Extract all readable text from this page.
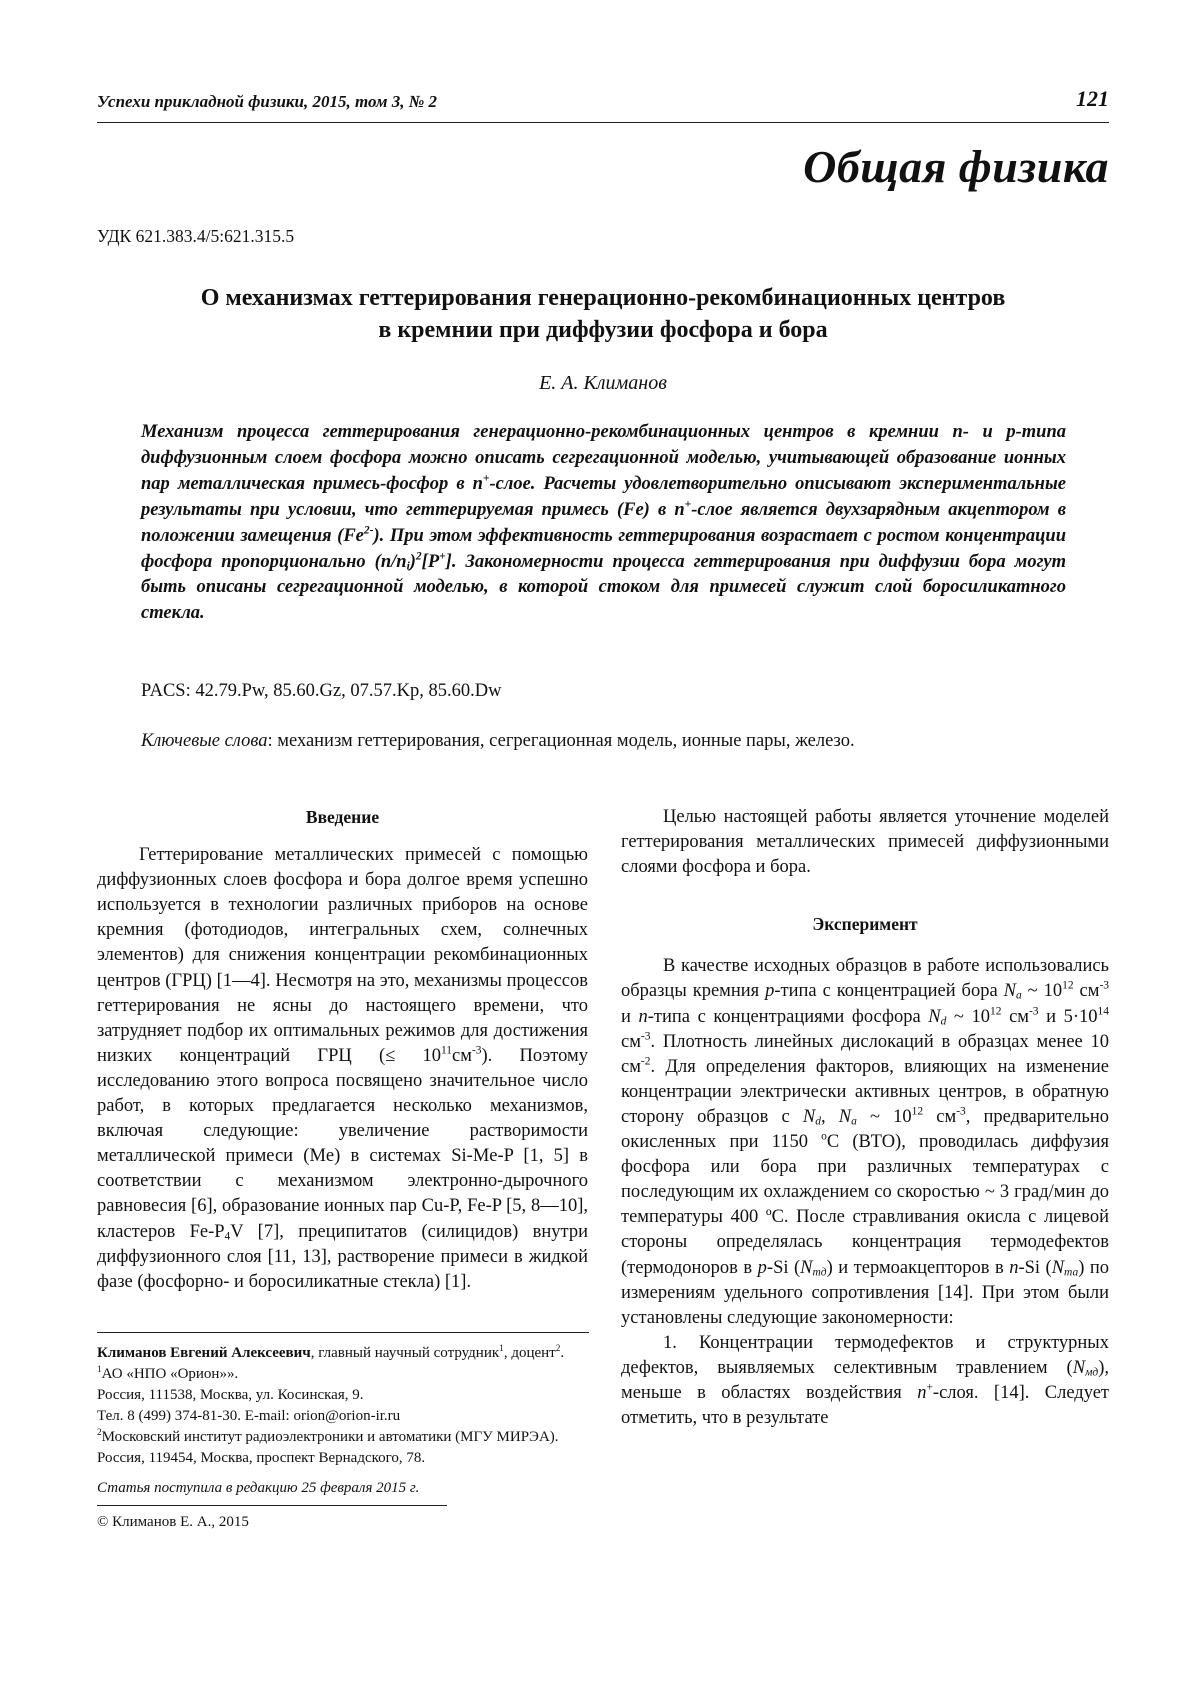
Успехи прикладной физики, 2015, том 3, № 2	121
Общая физика
УДК 621.383.4/5:621.315.5
О механизмах геттерирования генерационно-рекомбинационных центров
в кремнии при диффузии фосфора и бора
Е. А. Климанов
Механизм процесса геттерирования генерационно-рекомбинационных центров в кремнии n- и p-типа диффузионным слоем фосфора можно описать сегрегационной моделью, учитывающей образование ионных пар металлическая примесь-фосфор в n+-слое. Расчеты удовлетворительно описывают экспериментальные результаты при условии, что геттерируемая примесь (Fe) в n+-слое является двухзарядным акцептором в положении замещения $(Fe^{2-})$. При этом эффективность геттерирования возрастает с ростом концентрации фосфора пропорционально $(n/n_i)^2[P^+]$. Закономерности процесса геттерирования при диффузии бора могут быть описаны сегрегационной моделью, в которой стоком для примесей служит слой боросиликатного стекла.
PACS: 42.79.Pw, 85.60.Gz, 07.57.Kp, 85.60.Dw
Ключевые слова: механизм геттерирования, сегрегационная модель, ионные пары, железо.

Введение

Геттерирование металлических примесей с помощью диффузионных слоев фосфора и бора долгое время успешно используется в технологии различных приборов на основе кремния (фотодиодов, интегральных схем, солнечных элементов) для снижения концентрации рекомбинационных центров (ГРЦ) [1—4]. Несмотря на это, механизмы процессов геттерирования не ясны до настоящего времени, что затрудняет подбор их оптимальных режимов для достижения низких концентраций ГРЦ (≤ $10^{11}см^{-3}$). Поэтому исследованию этого вопроса посвящено значительное число работ, в которых предлагается несколько механизмов, включая следующие: увеличение растворимости металлической примеси (Me) в системах Si-Me-P [1, 5] в соответствии с механизмом электронно-дырочного равновесия [6], образование ионных пар Cu-P, Fe-P [5, 8—10], кластеров $Fe-P_4V$ [7], преципитатов (силицидов) внутри диффузионного слоя [11, 13], растворение примеси в жидкой фазе (фосфорно- и боросиликатные стекла) [1].

Целью настоящей работы является уточнение моделей геттерирования металлических примесей диффузионными слоями фосфора и бора.

Эксперимент

В качестве исходных образцов в работе использовались образцы кремния p-типа с концентрацией бора $N_a$ ~ $10^{12}$ $см^{-3}$ и n-типа с концентрациями фосфора $N_d$ ~ $10^{12}$ $см^{-3}$ и $5\cdot 10^{14}$ $см^{-3}$. Плотность линейных дислокаций в образцах менее 10 $см^{-2}$. Для определения факторов, влияющих на изменение концентрации электрически активных центров, в обратную сторону образцов с $N_d$, $N_a$ ~ $10^{12}$ $см^{-3}$, предварительно окисленных при 1150 $^o$С (ВТО), проводилась диффузия фосфора или бора при различных температурах с последующим их охлаждением со скоростью ~ 3 град/мин до температуры 400 ºC. После стравливания окисла с лицевой стороны определялась концентрация термодефектов (термодоноров в p-Si $(N_{тд})$ и термоакцепторов в n-Si $(N_{та})$ по измерениям удельного сопротивления [14]. При этом были установлены следующие закономерности:

1. Концентрации термодефектов и структурных дефектов, выявляемых селективным травлением $(N_{мд})$, меньше в областях воздействия n+-слоя. [14]. Следует отметить, что в результате

Климанов Евгений Алексеевич, главный научный сотрудник$^1$, доцент$^2$.

$^1$АО «НПО «Орион»».

Россия, 111538, Москва, ул. Косинская, 9.

Тел. 8 (499) 374-81-30. E-mail: orion@orion-ir.ru

$^2$Московский институт радиоэлектроники и автоматики (МГУ МИРЭА).

Россия, 119454, Москва, проспект Вернадского, 78.

Статья поступила в редакцию 25 февраля 2015 г.

© Климанов Е. А., 2015
